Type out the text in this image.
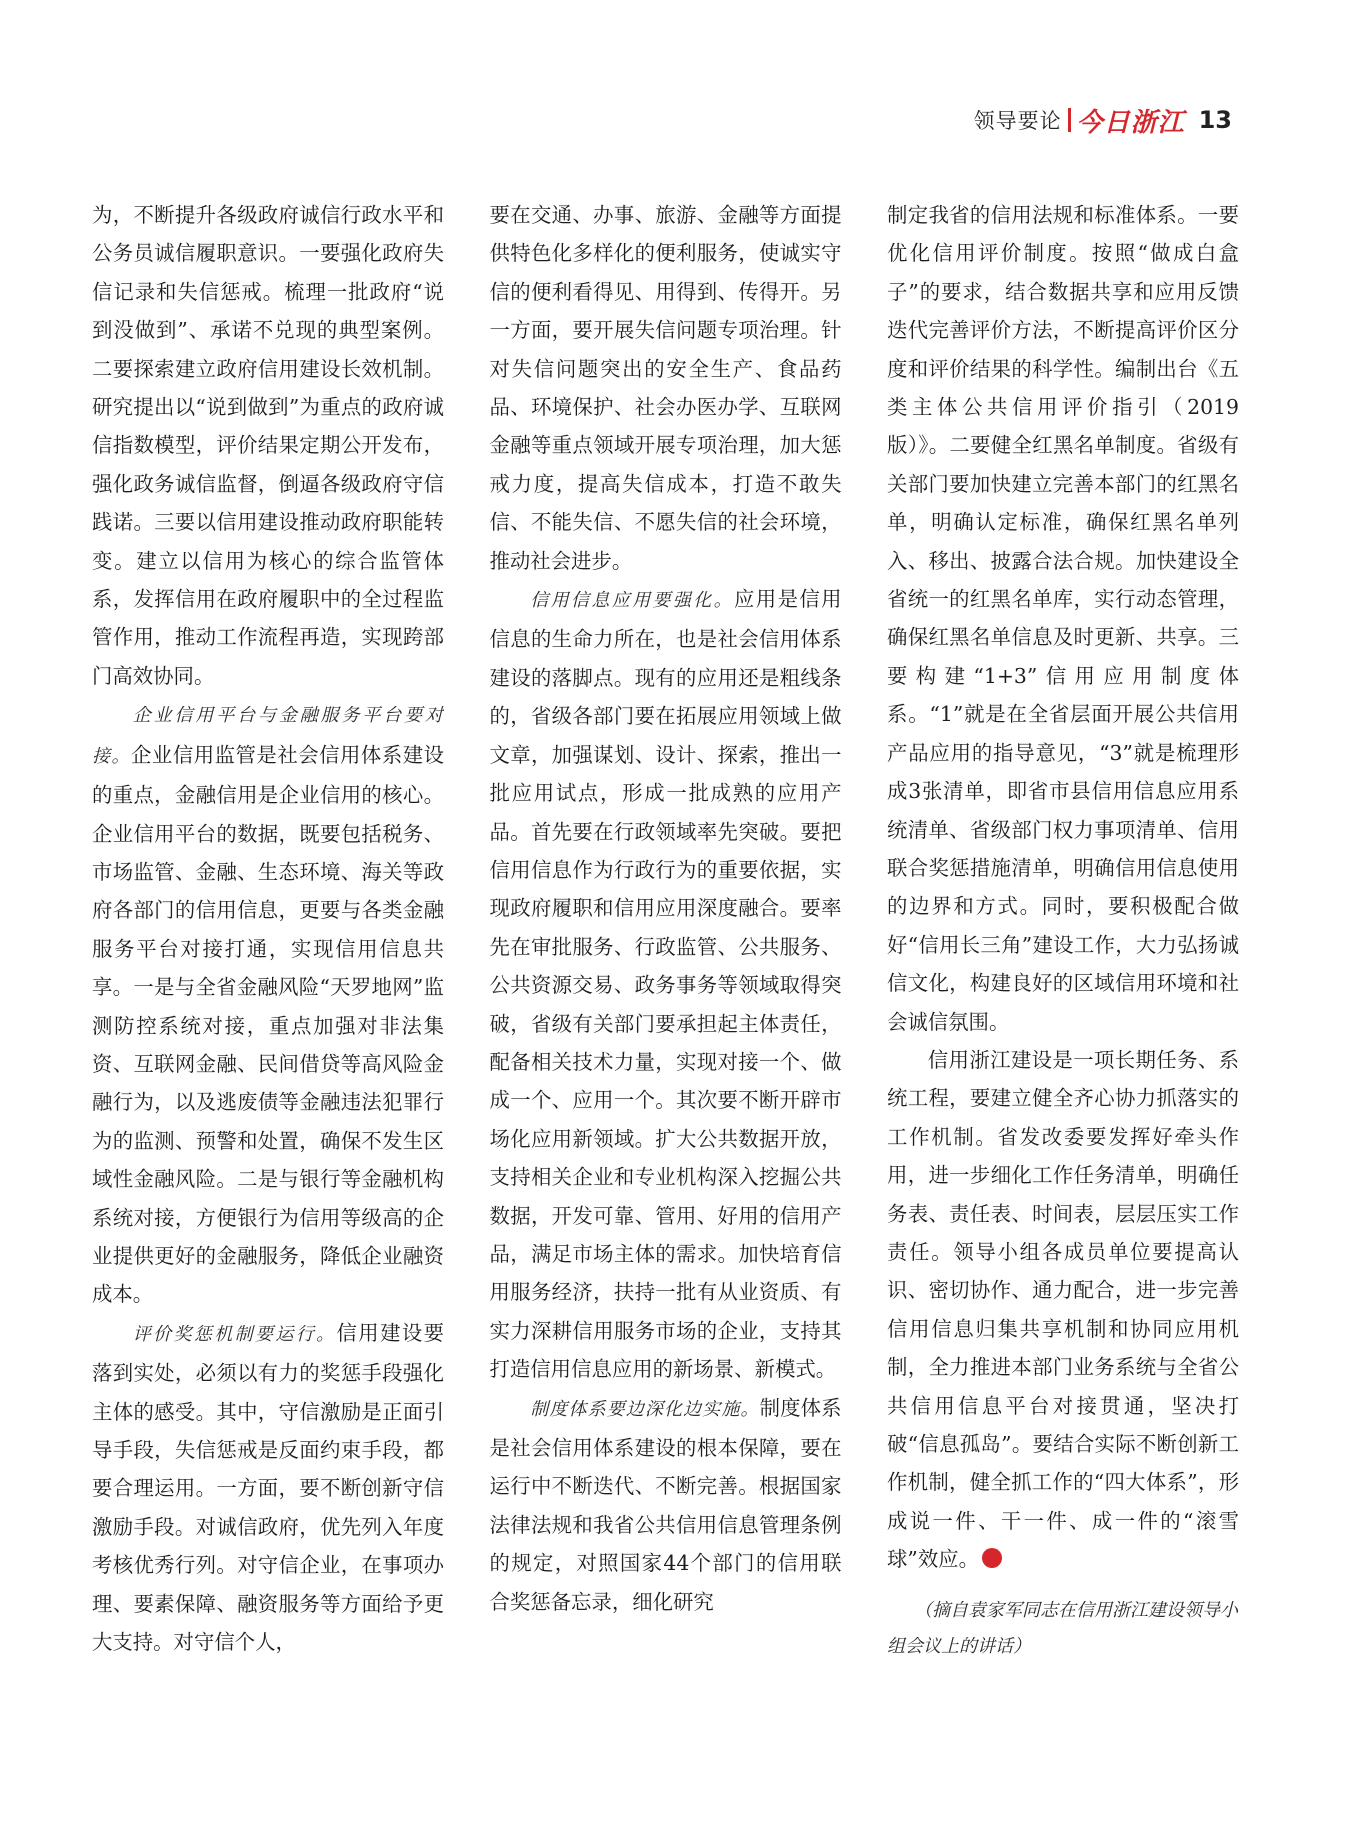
领导要论 今日浙江 13

为，不断提升各级政府诚信行政水平和公务员诚信履职意识。一要强化政府失信记录和失信惩戒。梳理一批政府“说到没做到”、承诺不兑现的典型案例。二要探索建立政府信用建设长效机制。研究提出以“说到做到”为重点的政府诚信指数模型，评价结果定期公开发布，强化政务诚信监督，倒逼各级政府守信践诺。三要以信用建设推动政府职能转变。建立以信用为核心的综合监管体系，发挥信用在政府履职中的全过程监管作用，推动工作流程再造，实现跨部门高效协同。

企业信用平台与金融服务平台要对接。企业信用监管是社会信用体系建设的重点，金融信用是企业信用的核心。企业信用平台的数据，既要包括税务、市场监管、金融、生态环境、海关等政府各部门的信用信息，更要与各类金融服务平台对接打通，实现信用信息共享。一是与全省金融风险“天罗地网”监测防控系统对接，重点加强对非法集资、互联网金融、民间借贷等高风险金融行为，以及逃废债等金融违法犯罪行为的监测、预警和处置，确保不发生区域性金融风险。二是与银行等金融机构系统对接，方便银行为信用等级高的企业提供更好的金融服务，降低企业融资成本。

评价奖惩机制要运行。信用建设要落到实处，必须以有力的奖惩手段强化主体的感受。其中，守信激励是正面引导手段，失信惩戒是反面约束手段，都要合理运用。一方面，要不断创新守信激励手段。对诚信政府，优先列入年度考核优秀行列。对守信企业，在事项办理、要素保障、融资服务等方面给予更大支持。对守信个人，

要在交通、办事、旅游、金融等方面提供特色化多样化的便利服务，使诚实守信的便利看得见、用得到、传得开。另一方面，要开展失信问题专项治理。针对失信问题突出的安全生产、食品药品、环境保护、社会办医办学、互联网金融等重点领域开展专项治理，加大惩戒力度，提高失信成本，打造不敢失信、不能失信、不愿失信的社会环境，推动社会进步。

信用信息应用要强化。应用是信用信息的生命力所在，也是社会信用体系建设的落脚点。现有的应用还是粗线条的，省级各部门要在拓展应用领域上做文章，加强谋划、设计、探索，推出一批应用试点，形成一批成熟的应用产品。首先要在行政领域率先突破。要把信用信息作为行政行为的重要依据，实现政府履职和信用应用深度融合。要率先在审批服务、行政监管、公共服务、公共资源交易、政务事务等领域取得突破，省级有关部门要承担起主体责任，配备相关技术力量，实现对接一个、做成一个、应用一个。其次要不断开辟市场化应用新领域。扩大公共数据开放，支持相关企业和专业机构深入挖掘公共数据，开发可靠、管用、好用的信用产品，满足市场主体的需求。加快培育信用服务经济，扶持一批有从业资质、有实力深耕信用服务市场的企业，支持其打造信用信息应用的新场景、新模式。

制度体系要边深化边实施。制度体系是社会信用体系建设的根本保障，要在运行中不断迭代、不断完善。根据国家法律法规和我省公共信用信息管理条例的规定，对照国家44个部门的信用联合奖惩备忘录，细化研究

制定我省的信用法规和标准体系。一要优化信用评价制度。按照“做成白盒子”的要求，结合数据共享和应用反馈迭代完善评价方法，不断提高评价区分度和评价结果的科学性。编制出台《五类主体公共信用评价指引（2019版）》。二要健全红黑名单制度。省级有关部门要加快建立完善本部门的红黑名单，明确认定标准，确保红黑名单列入、移出、披露合法合规。加快建设全省统一的红黑名单库，实行动态管理，确保红黑名单信息及时更新、共享。三要构建“1+3”信用应用制度体系。“1”就是在全省层面开展公共信用产品应用的指导意见，“3”就是梳理形成3张清单，即省市县信用信息应用系统清单、省级部门权力事项清单、信用联合奖惩措施清单，明确信用信息使用的边界和方式。同时，要积极配合做好“信用长三角”建设工作，大力弘扬诚信文化，构建良好的区域信用环境和社会诚信氛围。

信用浙江建设是一项长期任务、系统工程，要建立健全齐心协力抓落实的工作机制。省发改委要发挥好牵头作用，进一步细化工作任务清单，明确任务表、责任表、时间表，层层压实工作责任。领导小组各成员单位要提高认识、密切协作、通力配合，进一步完善信用信息归集共享机制和协同应用机制，全力推进本部门业务系统与全省公共信用信息平台对接贯通，坚决打破“信息孤岛”。要结合实际不断创新工作机制，健全抓工作的“四大体系”，形成说一件、干一件、成一件的“滚雪球”效应。

（摘自袁家军同志在信用浙江建设领导小组会议上的讲话）
